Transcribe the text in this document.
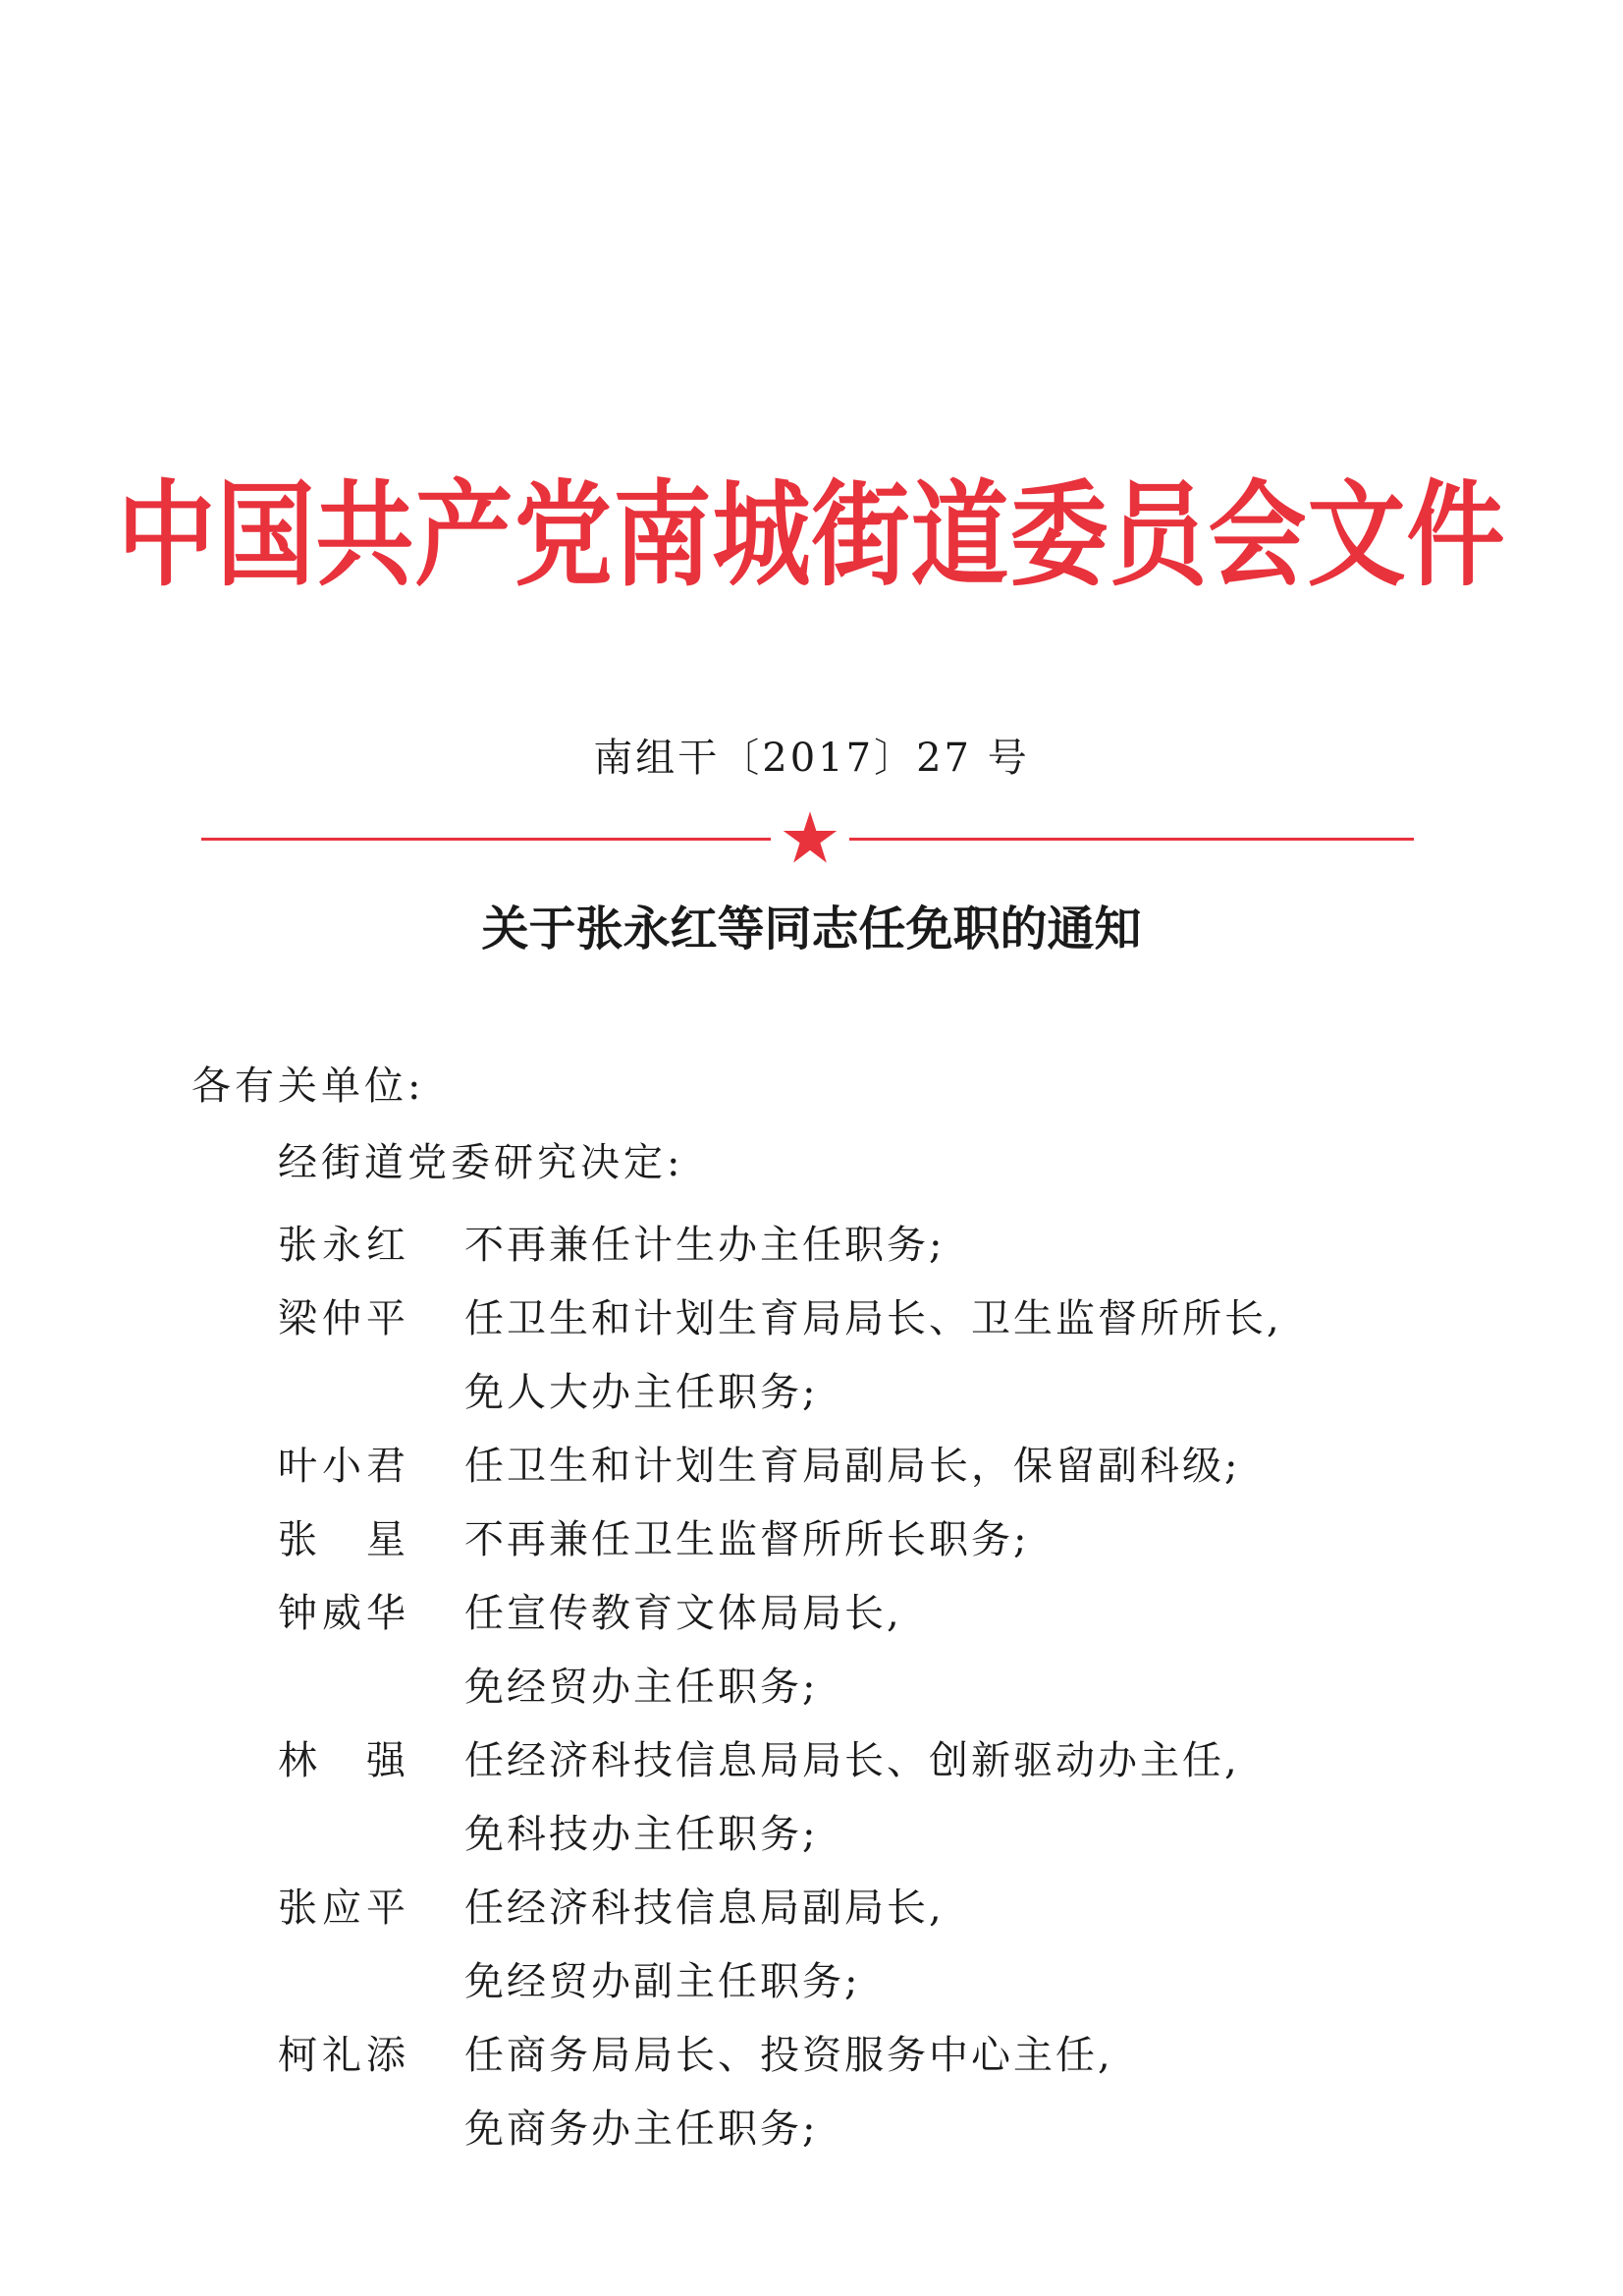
中国共产党南城街道委员会文件
南组干〔2017〕27 号
关于张永红等同志任免职的通知
各有关单位:
经街道党委研究决定:
张永红 不再兼任计生办主任职务;
梁仲平 任卫生和计划生育局局长、卫生监督所所长,
免人大办主任职务;
叶小君 任卫生和计划生育局副局长，保留副科级;
张　星 不再兼任卫生监督所所长职务;
钟威华 任宣传教育文体局局长,
免经贸办主任职务;
林　强 任经济科技信息局局长、创新驱动办主任,
免科技办主任职务;
张应平 任经济科技信息局副局长,
免经贸办副主任职务;
柯礼添 任商务局局长、投资服务中心主任,
免商务办主任职务;
